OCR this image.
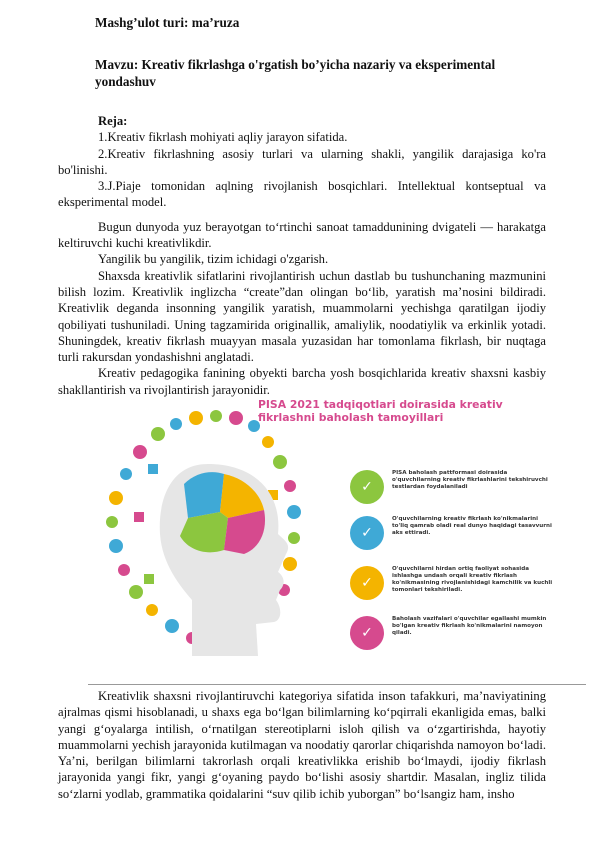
Mashg’ulot turi: ma’ruza
Mavzu: Kreativ fikrlashga o'rgatish bo’yicha nazariy va eksperimental yondashuv
Reja:

1.Kreativ fikrlash mohiyati aqliy jarayon sifatida.

2.Kreativ fikrlashning asosiy turlari va ularning shakli, yangilik darajasiga ko'ra bo'linishi.

3.J.Piaje tomonidan aqlning rivojlanish bosqichlari. Intellektual kontseptual va eksperimental model.

Bugun dunyoda yuz berayotgan to‘rtinchi sanoat tamaddunining dvigateli — harakatga keltiruvchi kuchi kreativlikdir.

Yangilik bu yangilik, tizim ichidagi o'zgarish.

Shaxsda kreativlik sifatlarini rivojlantirish uchun dastlab bu tushunchaning mazmunini bilish lozim. Kreativlik inglizcha “create”dan olingan bo‘lib, yaratish ma’nosini bildiradi. Kreativlik deganda insonning yangilik yaratish, muammolarni yechishga qaratilgan ijodiy qobiliyati tushuniladi. Uning tagzamirida originallik, amaliylik, noodatiylik va erkinlik yotadi. Shuningdek, kreativ fikrlash muayyan masala yuzasidan har tomonlama fikrlash, bir nuqtaga turli rakursdan yondashishni anglatadi.

Kreativ pedagogika fanining obyekti barcha yosh bosqichlarida kreativ shaxsni kasbiy shakllantirish va rivojlantirish jarayonidir.

PISA 2021 tadqiqotlari doirasida kreativ fikrlashni baholash tamoyillari
✓
PISA baholash pattformasi doirasida o'quvchilarning kreativ fikrlashlarini tekshiruvchi testlardan foydalaniladi
✓
O'quvchilarning kreativ fikrlash ko'nikmalarini to'liq qamrab oladi real dunyo haqidagi tasavvurni aks ettiradi.
✓
O'quvchilarni hirdan ortiq faoliyat sohasida ishlashga undash orqali kreativ fikrlash ko'nikmasining rivojlanishidagi kamchilik va kuchli tomonlari tekshiriladi.
✓
Baholash vazifalari o'quvchilar egallashi mumkin bo'lgan kreativ fikrlash ko'nikmalarini namoyon qiladi.

Kreativlik shaxsni rivojlantiruvchi kategoriya sifatida inson tafakkuri, ma’naviyatining ajralmas qismi hisoblanadi, u shaxs ega bo‘lgan bilimlarning ko‘pqirrali ekanligida emas, balki yangi g‘oyalarga intilish, o‘rnatilgan stereotiplarni isloh qilish va o‘zgartirishda, hayotiy muammolarni yechish jarayonida kutilmagan va noodatiy qarorlar chiqarishda namoyon bo‘ladi. Ya’ni, berilgan bilimlarni takrorlash orqali kreativlikka erishib bo‘lmaydi, ijodiy fikrlash jarayonida yangi fikr, yangi g‘oyaning paydo bo‘lishi asosiy shartdir. Masalan, ingliz tilida so‘zlarni yodlab, grammatika qoidalarini “suv qilib ichib yuborgan” bo‘lsangiz ham, insho
